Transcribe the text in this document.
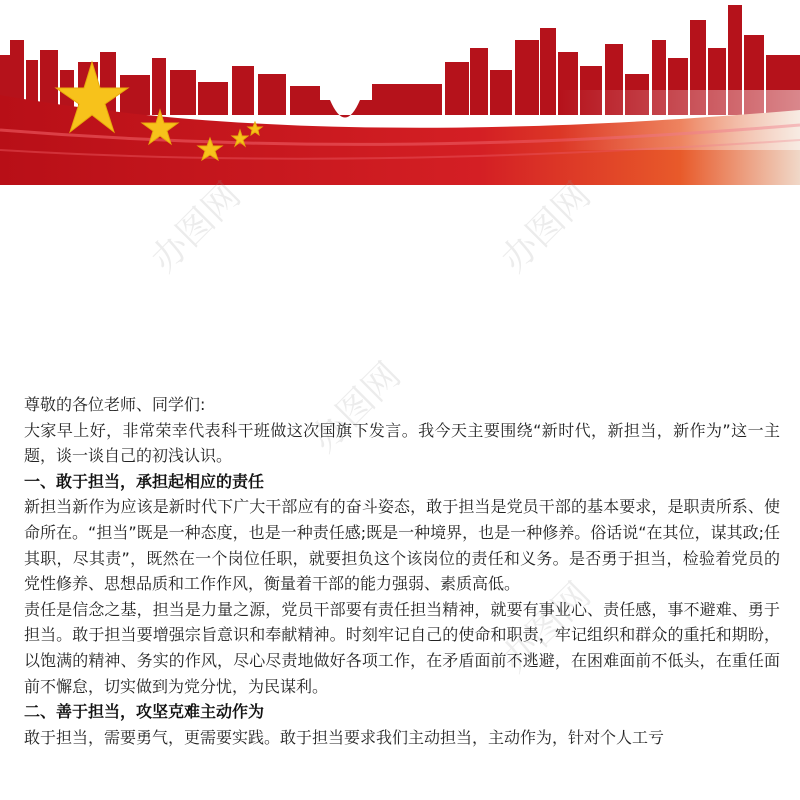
办图网	办图网
办图网
办图网

尊敬的各位老师、同学们:

大家早上好，非常荣幸代表科干班做这次国旗下发言。我今天主要围绕“新时代，新担当，新作为”这一主题，谈一谈自己的初浅认识。

一、敢于担当，承担起相应的责任

新担当新作为应该是新时代下广大干部应有的奋斗姿态，敢于担当是党员干部的基本要求，是职责所系、使命所在。“担当”既是一种态度，也是一种责任感;既是一种境界，也是一种修养。俗话说“在其位，谋其政;任其职，尽其责”，既然在一个岗位任职，就要担负这个该岗位的责任和义务。是否勇于担当，检验着党员的党性修养、思想品质和工作作风，衡量着干部的能力强弱、素质高低。

责任是信念之基，担当是力量之源，党员干部要有责任担当精神，就要有事业心、责任感，事不避难、勇于担当。敢于担当要增强宗旨意识和奉献精神。时刻牢记自己的使命和职责，牢记组织和群众的重托和期盼，以饱满的精神、务实的作风，尽心尽责地做好各项工作，在矛盾面前不逃避，在困难面前不低头，在重任面前不懈怠，切实做到为党分忧，为民谋利。

二、善于担当，攻坚克难主动作为

敢于担当，需要勇气，更需要实践。敢于担当要求我们主动担当，主动作为，针对个人工亏
